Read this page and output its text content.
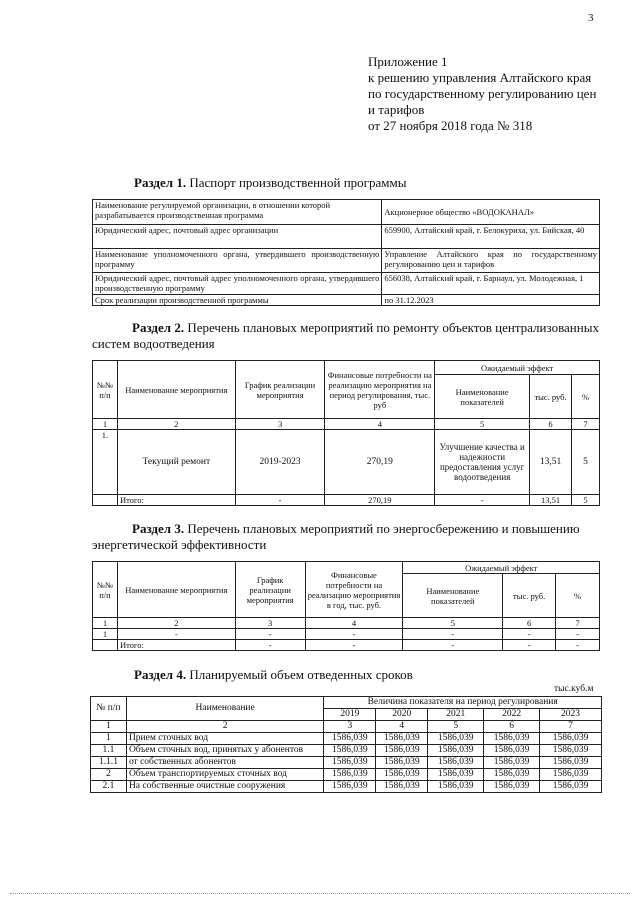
3
Приложение 1
к решению управления Алтайского края
по государственному регулированию цен
и тарифов
от 27 ноября 2018 года № 318
Раздел 1. Паспорт производственной программы
Наименование регулируемой организации, в отношении которой разрабатывается производственная программа	Акционерное общество «ВОДОКАНАЛ»
Юридический адрес, почтовый адрес организации	659900, Алтайский край, г. Белокуриха, ул. Бийская, 40
Наименование уполномоченного органа, утвердившего производственную программу	Управление Алтайского края по государственному регулированию цен и тарифов
Юридический адрес, почтовый адрес уполномоченного органа, утвердившего производственную программу	656038, Алтайский край, г. Барнаул, ул. Молодежная, 1
Срок реализации производственной программы	по 31.12.2023
Раздел 2. Перечень плановых мероприятий по ремонту объектов централизованных систем водоотведения
№№ п/п	Наименование мероприятия	График реализации мероприятия	Финансовые потребности на реализацию мероприятия на период регулирования, тыс. руб	Ожидаемый эффект		
				Наименование показателей	тыс. руб.	%
1	2	3	4	5	6	7
1.	Текущий ремонт	2019-2023	270,19	Улучшение качества и надежности предоставления услуг водоотведения	13,51	5
	Итого:	-	270,19	-	13,51	5
Раздел 3. Перечень плановых мероприятий по энергосбережению и повышению энергетической эффективности
№№ п/п	Наименование мероприятия	График реализации мероприятия	Финансовые потребности на реализацию мероприятия в год, тыс. руб.	Ожидаемый эффект		
				Наименование показателей	тыс. руб.	%
1	2	3	4	5	6	7
1	-	-	-	-	-	-
	Итого:	-	-	-	-	-
Раздел 4. Планируемый объем отведенных сроков
тыс.куб.м
№ п/п	Наименование	Величина показателя на период регулирования				
		2019	2020	2021	2022	2023
1	2	3	4	5	6	7
1	Прием сточных вод	1586,039	1586,039	1586,039	1586,039	1586,039
1.1	Объем сточных вод, принятых у абонентов	1586,039	1586,039	1586,039	1586,039	1586,039
1.1.1	от собственных абонентов	1586,039	1586,039	1586,039	1586,039	1586,039
2	Объем транспортируемых сточных вод	1586,039	1586,039	1586,039	1586,039	1586,039
2.1	На собственные очистные сооружения	1586,039	1586,039	1586,039	1586,039	1586,039
